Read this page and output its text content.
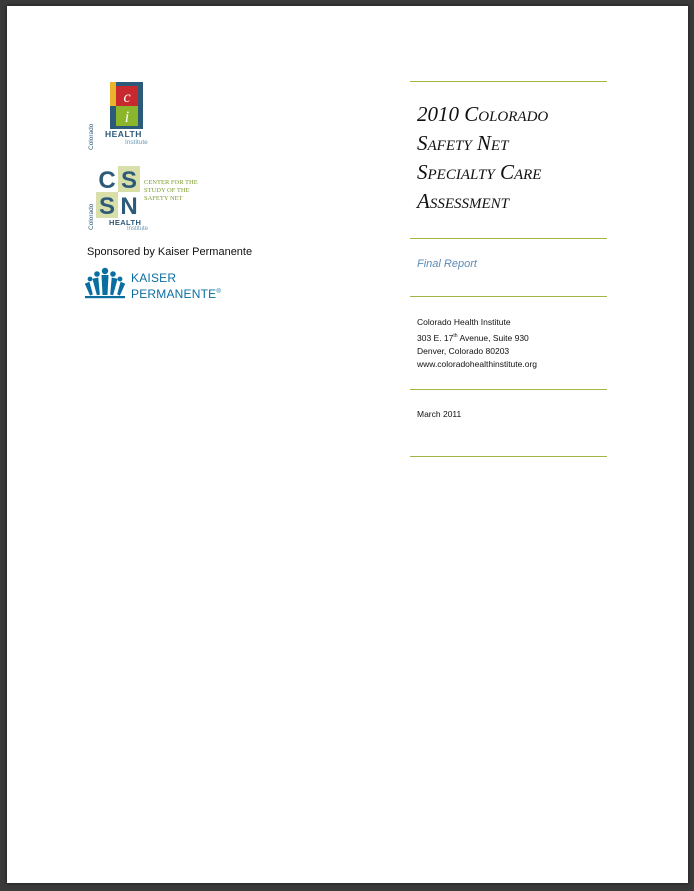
Colorado
c
i
HEALTH
Institute
Colorado
C S
S N
CENTER FOR THE
STUDY OF THE
SAFETY NET
HEALTH
Institute
Sponsored by Kaiser Permanente
KAISER
PERMANENTE®
2010 Colorado
Safety Net
Specialty Care
Assessment
Final Report
Colorado Health Institute
303 E. 17th Avenue, Suite 930
Denver, Colorado 80203
www.coloradohealthinstitute.org
March 2011
